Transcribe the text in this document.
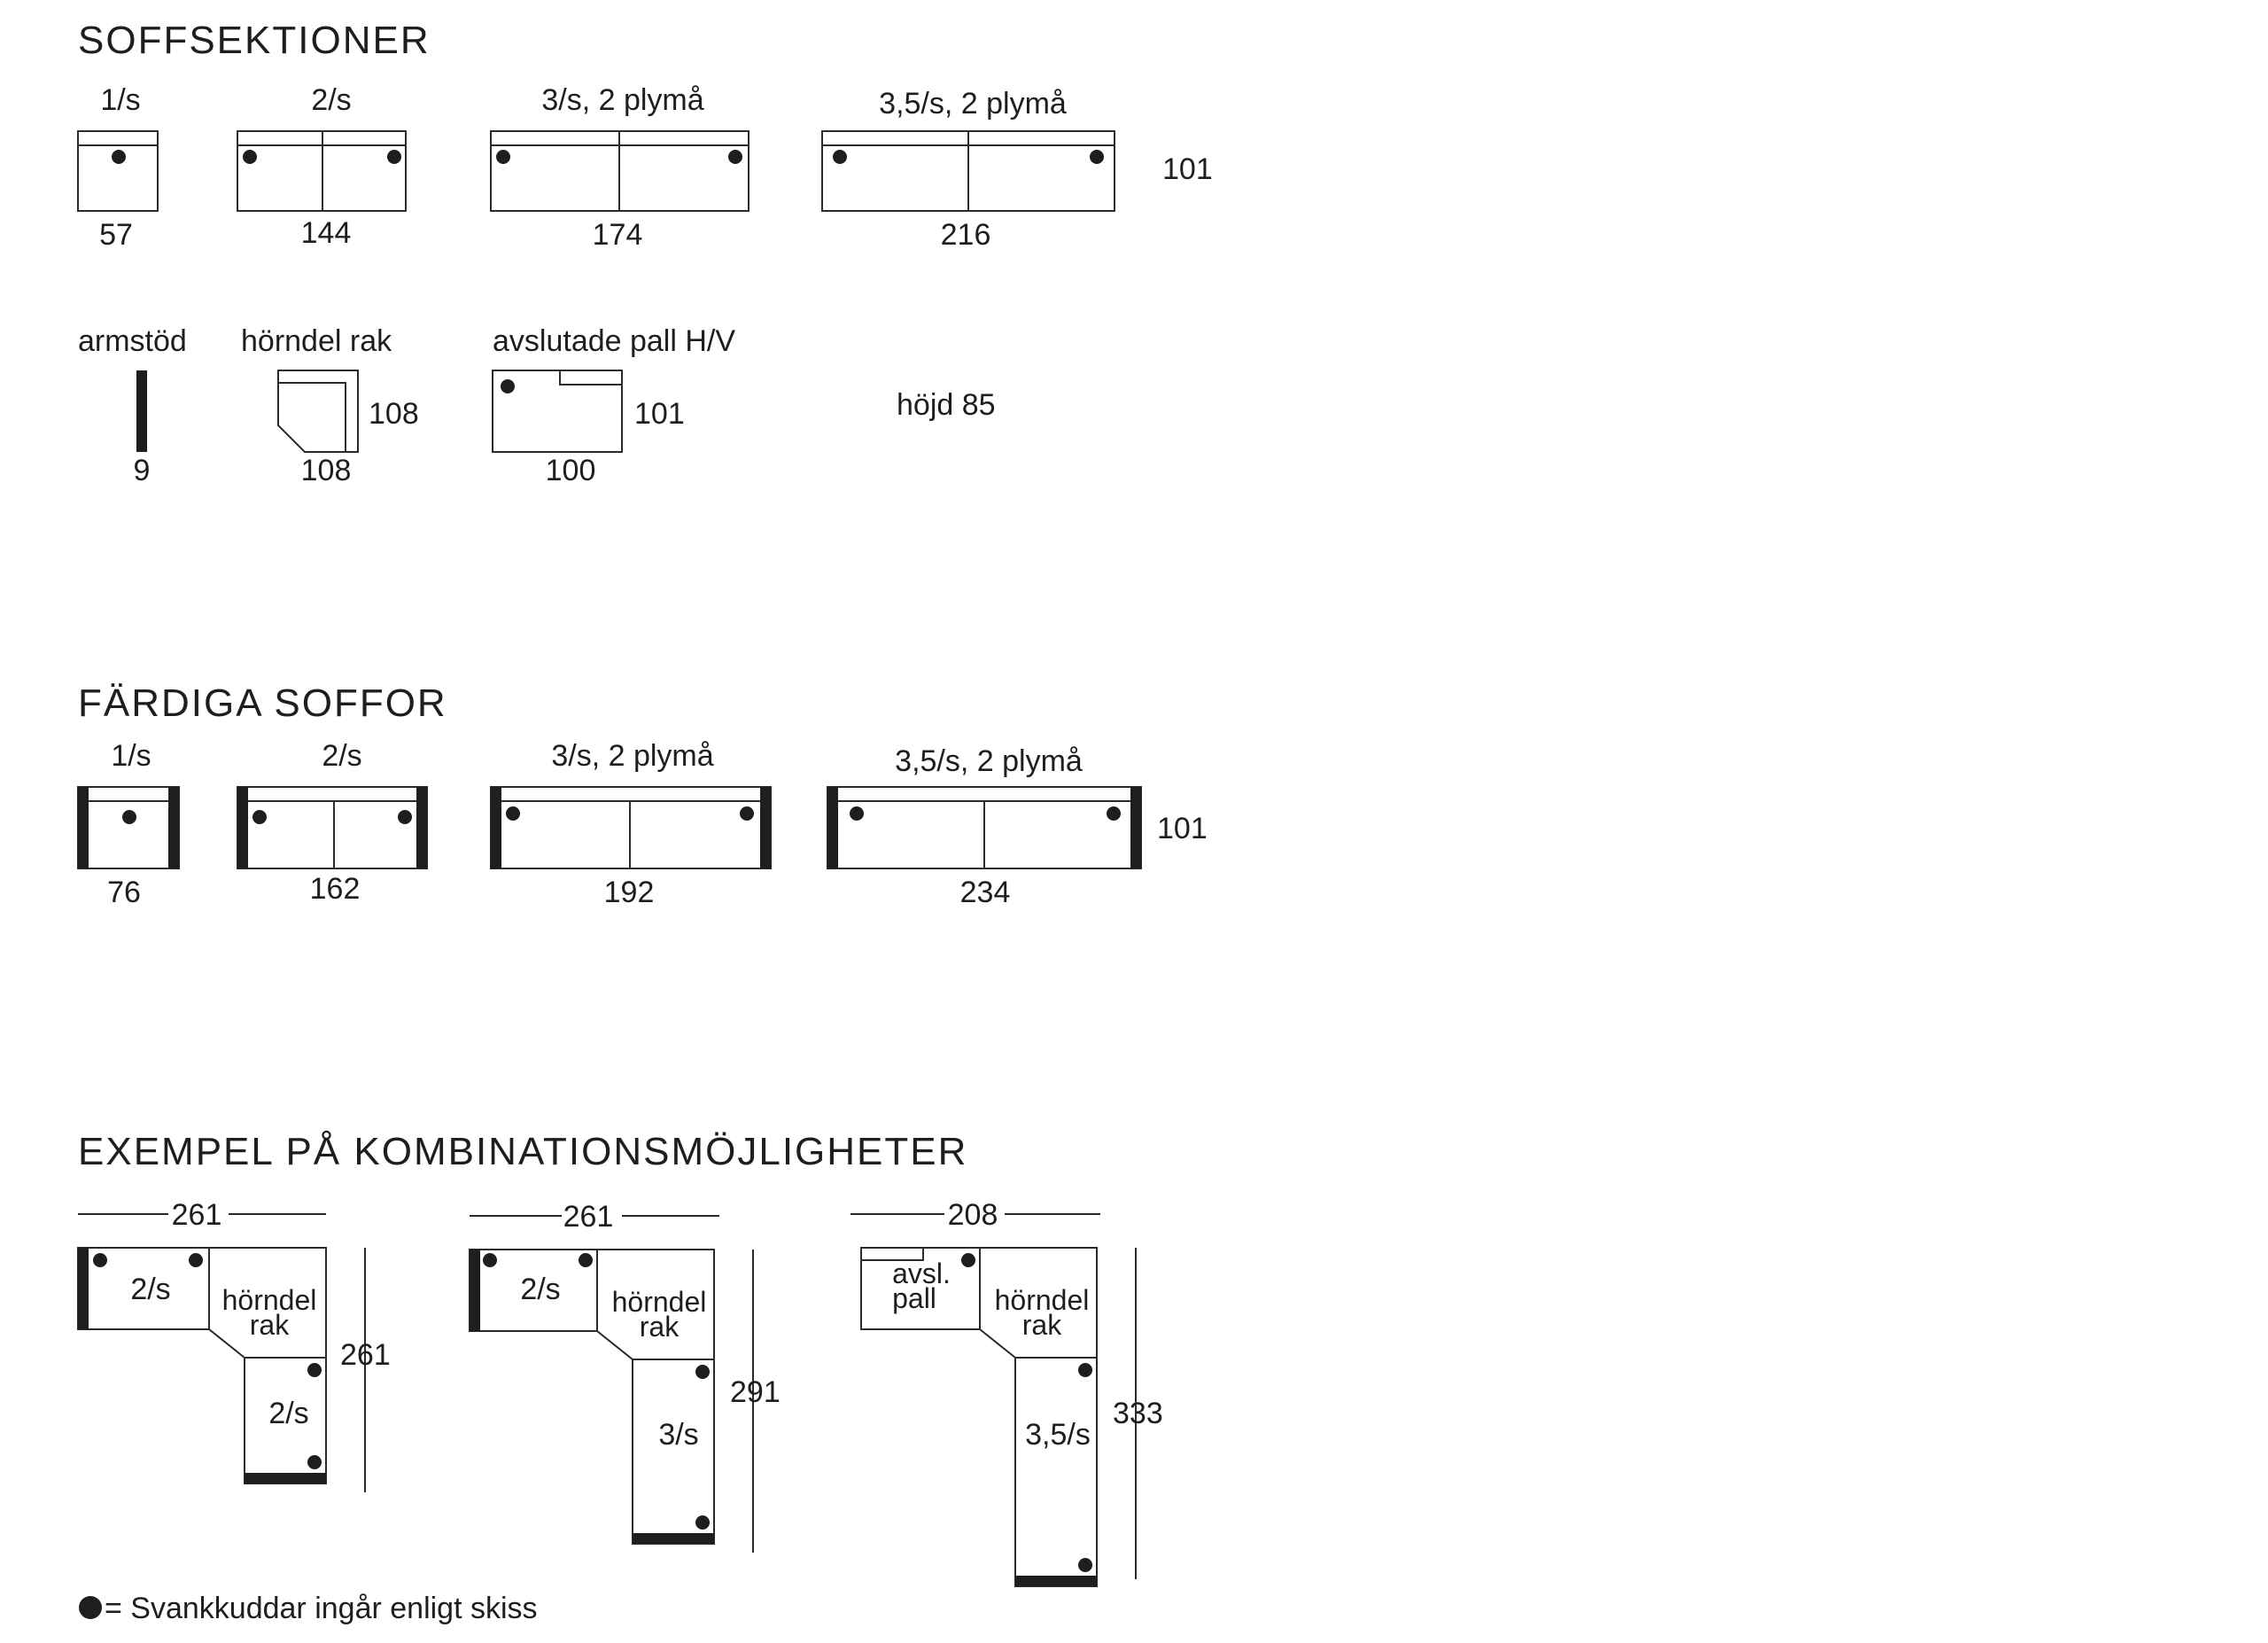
SOFFSEKTIONER
1/s
57
2/s
144
3/s, 2 plymå
174
3,5/s, 2 plymå
216
101
armstöd
9
hörndel rak
108
108
avslutade pall H/V
101
100
höjd 85
FÄRDIGA SOFFOR
1/s
76
2/s
162
3/s, 2 plymå
192
3,5/s, 2 plymå
234
101
EXEMPEL PÅ KOMBINATIONSMÖJLIGHETER
261
2/s hörndel
rak
2/s
261
261
2/s hörndel
rak
3/s
291
208
avsl.
pall hörndel
rak
3,5/s
333
= Svankkuddar ingår enligt skiss
